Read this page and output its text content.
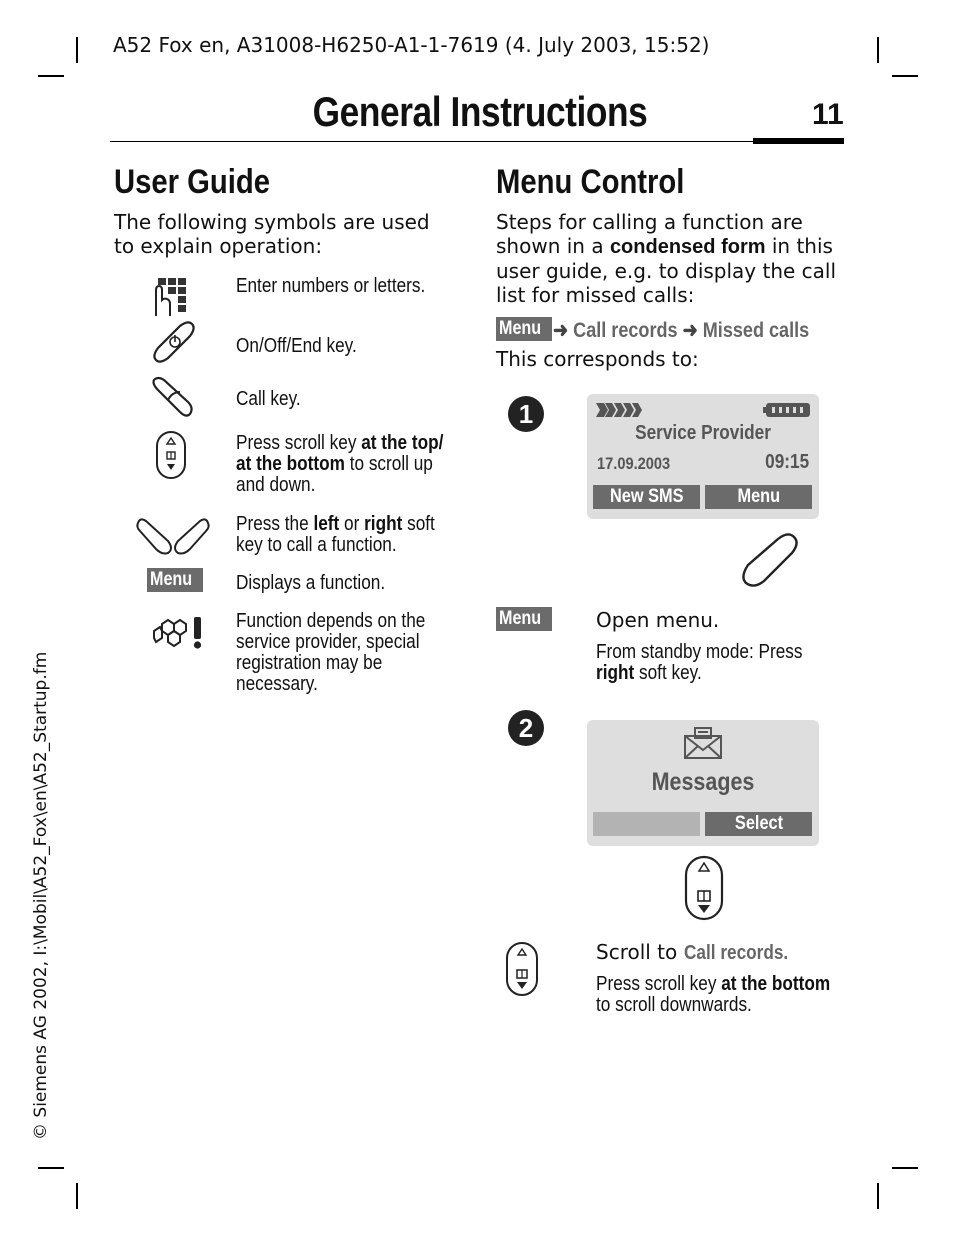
A52 Fox en, A31008-H6250-A1-1-7619 (4. July 2003, 15:52)
General Instructions	11
© Siemens AG 2002, I:\Mobil\A52_Fox\en\A52_Startup.fm
User Guide
The following symbols are used to explain operation:
Enter numbers or letters.
On/Off/End key.
Call key.
Press scroll key at the top/ at the bottom to scroll up and down.
Press the left or right soft key to call a function.
Menu	Displays a function.
Function depends on the service provider, special registration may be necessary.
Menu Control
Steps for calling a function are shown in a condensed form in this user guide, e.g. to display the call list for missed calls:
Menu ➜ Call records ➜ Missed calls
This corresponds to:
1
Service Provider
17.09.2003	09:15
New SMS	Menu
Menu	Open menu.
From standby mode: Press right soft key.
2
Messages
Select
Scroll to Call records.
Press scroll key at the bottom to scroll downwards.
